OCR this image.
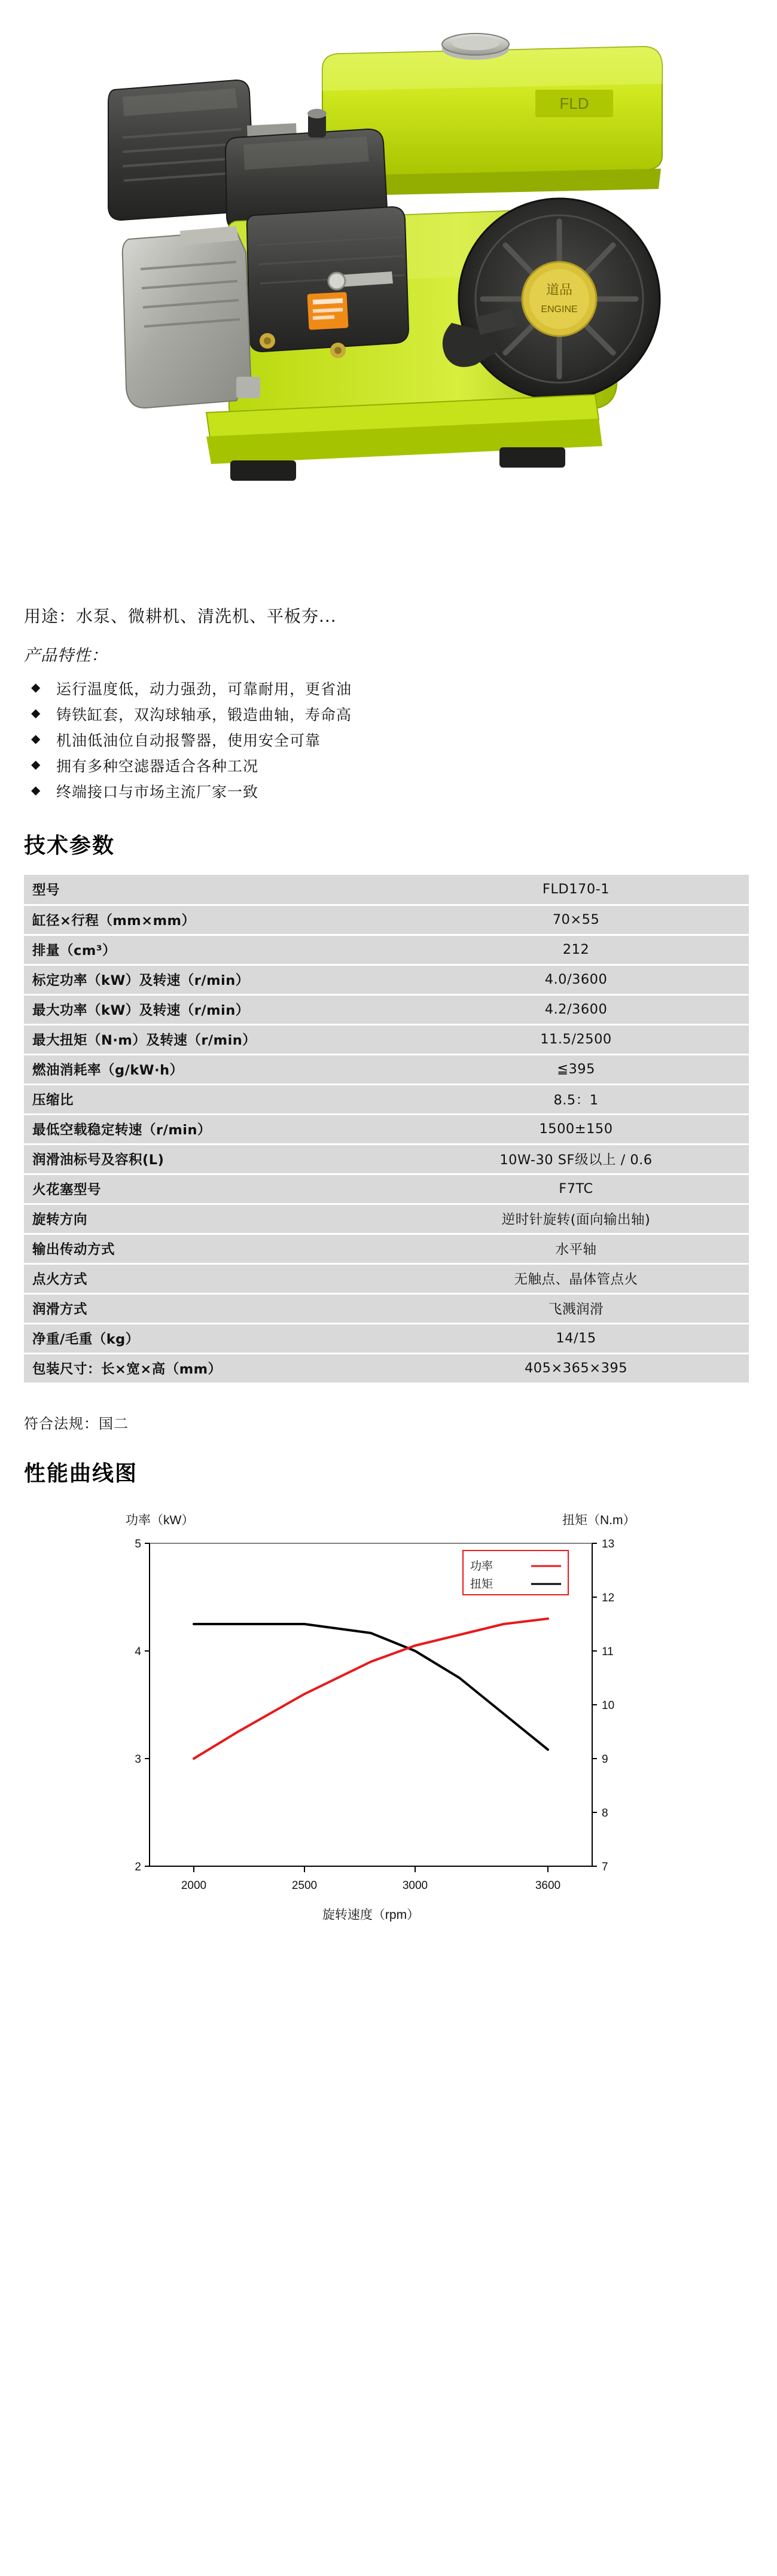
FLD
道品
ENGINE

用途：水泵、微耕机、清洗机、平板夯...

产品特性：

◆ 运行温度低，动力强劲，可靠耐用，更省油
◆ 铸铁缸套，双沟球轴承，锻造曲轴，寿命高
◆ 机油低油位自动报警器，使用安全可靠
◆ 拥有多种空滤器适合各种工况
◆ 终端接口与市场主流厂家一致
技术参数
型号	FLD170-1
缸径×行程（mm×mm）	70×55
排量（cm³）	212
标定功率（kW）及转速（r/min）	4.0/3600
最大功率（kW）及转速（r/min）	4.2/3600
最大扭矩（N·m）及转速（r/min）	11.5/2500
燃油消耗率（g/kW·h）	≦395
压缩比	8.5：1
最低空载稳定转速（r/min）	1500±150
润滑油标号及容积(L)	10W-30 SF级以上 / 0.6
火花塞型号	F7TC
旋转方向	逆时针旋转(面向输出轴)
输出传动方式	水平轴
点火方式	无触点、晶体管点火
润滑方式	飞溅润滑
净重/毛重（kg）	14/15
包装尺寸：长×宽×高（mm）	405×365×395

符合法规：国二

性能曲线图
功率（kW）	扭矩（N.m）
5
4
3
2
13
12
11
10
9
8
7
2000	2500	3000	3600
功率
扭矩
旋转速度（rpm）
